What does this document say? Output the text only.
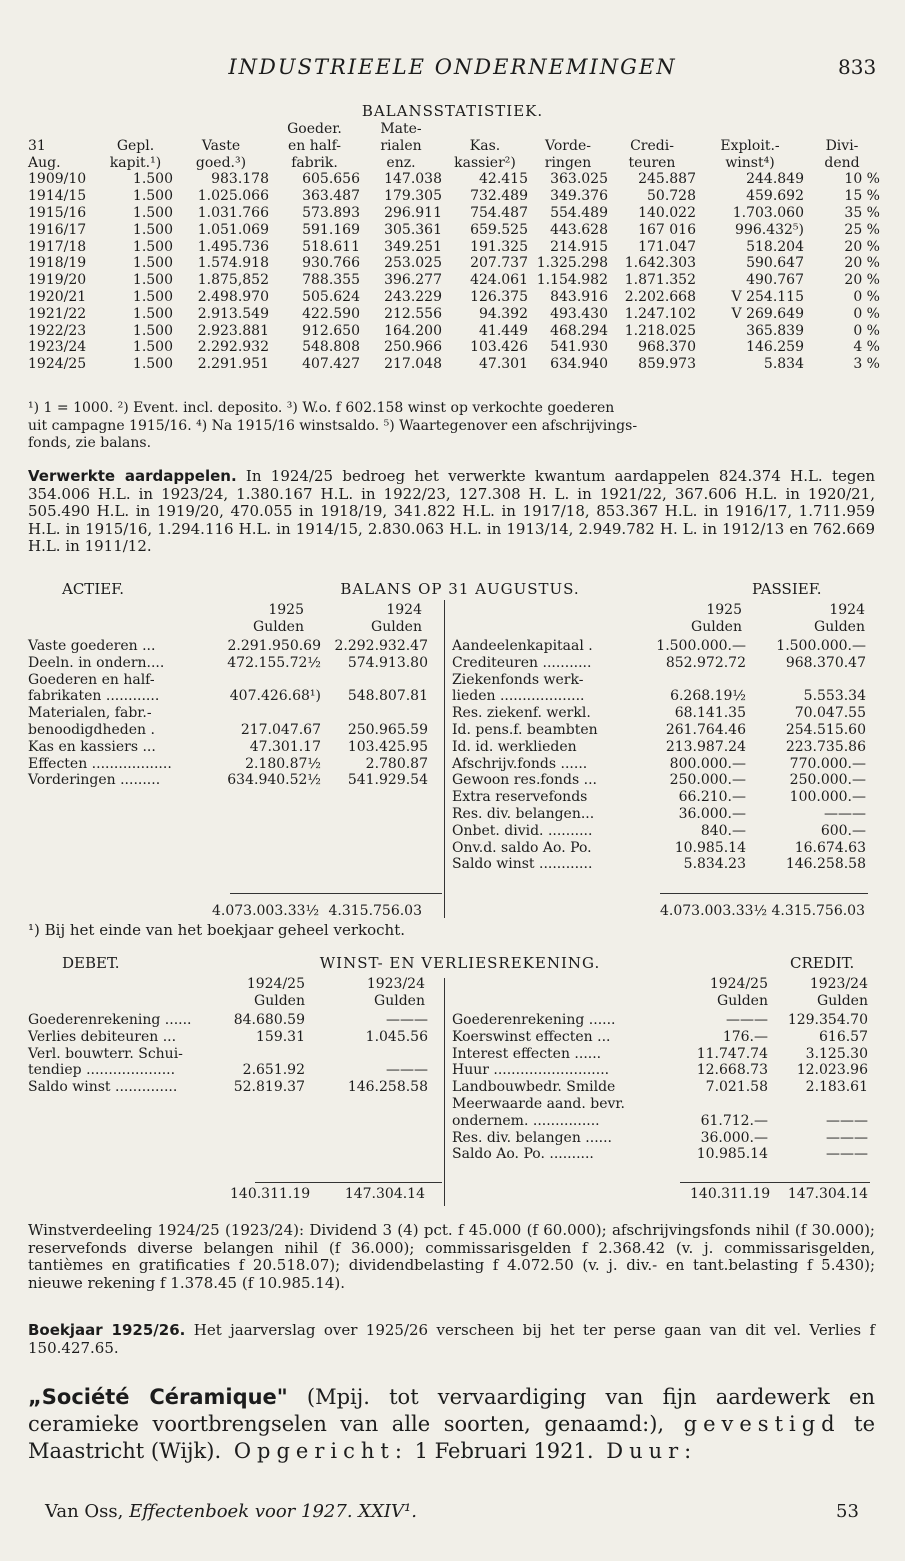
INDUSTRIEELE ONDERNEMINGEN	833
BALANSSTATISTIEK.
			Goeder.	Mate-					
31	Gepl.	Vaste	en half-	rialen	Kas.	Vorde-	Credi-	Exploit.-	Divi-
Aug.	kapit.¹)	goed.³)	fabrik.	enz.	kassier²)	ringen	teuren	winst⁴)	dend
1909/10	1.500	983.178	605.656	147.038	42.415	363.025	245.887	244.849	10 %
1914/15	1.500	1.025.066	363.487	179.305	732.489	349.376	50.728	459.692	15 %
1915/16	1.500	1.031.766	573.893	296.911	754.487	554.489	140.022	1.703.060	35 %
1916/17	1.500	1.051.069	591.169	305.361	659.525	443.628	167 016	996.432⁵)	25 %
1917/18	1.500	1.495.736	518.611	349.251	191.325	214.915	171.047	518.204	20 %
1918/19	1.500	1.574.918	930.766	253.025	207.737	1.325.298	1.642.303	590.647	20 %
1919/20	1.500	1.875,852	788.355	396.277	424.061	1.154.982	1.871.352	490.767	20 %
1920/21	1.500	2.498.970	505.624	243.229	126.375	843.916	2.202.668	V 254.115	0 %
1921/22	1.500	2.913.549	422.590	212.556	94.392	493.430	1.247.102	V 269.649	0 %
1922/23	1.500	2.923.881	912.650	164.200	41.449	468.294	1.218.025	365.839	0 %
1923/24	1.500	2.292.932	548.808	250.966	103.426	541.930	968.370	146.259	4 %
1924/25	1.500	2.291.951	407.427	217.048	47.301	634.940	859.973	5.834	3 %
¹) 1 = 1000. ²) Event. incl. deposito. ³) W.o. f 602.158 winst op verkochte goederen
uit campagne 1915/16. ⁴) Na 1915/16 winstsaldo. ⁵) Waartegenover een afschrijvings-
fonds, zie balans.
Verwerkte aardappelen. In 1924/25 bedroeg het verwerkte kwantum aardappelen 824.374 H.L. tegen 354.006 H.L. in 1923/24, 1.380.167 H.L. in 1922/23, 127.308 H. L. in 1921/22, 367.606 H.L. in 1920/21, 505.490 H.L. in 1919/20, 470.055 in 1918/19, 341.822 H.L. in 1917/18, 853.367 H.L. in 1916/17, 1.711.959 H.L. in 1915/16, 1.294.116 H.L. in 1914/15, 2.830.063 H.L. in 1913/14, 2.949.782 H. L. in 1912/13 en 762.669 H.L. in 1911/12.
ACTIEF.	BALANS OP 31 AUGUSTUS.	PASSIEF.
1925	1924
Gulden	Gulden
1925	1924
Gulden	Gulden
Vaste goederen ...	2.291.950.69	2.292.932.47
Deeln. in ondern....	472.155.72½	574.913.80
Goederen en half-		
fabrikaten ............	407.426.68¹)	548.807.81
Materialen, fabr.-		
benoodigdheden .	217.047.67	250.965.59
Kas en kassiers ...	47.301.17	103.425.95
Effecten ..................	2.180.87½	2.780.87
Vorderingen .........	634.940.52½	541.929.54
Aandeelenkapitaal .	1.500.000.—	1.500.000.—
Crediteuren ...........	852.972.72	968.370.47
Ziekenfonds werk-		
lieden ...................	6.268.19½	5.553.34
Res. ziekenf. werkl.	68.141.35	70.047.55
Id. pens.f. beambten	261.764.46	254.515.60
Id. id. werklieden	213.987.24	223.735.86
Afschrijv.fonds ......	800.000.—	770.000.—
Gewoon res.fonds ...	250.000.—	250.000.—
Extra reservefonds	66.210.—	100.000.—
Res. div. belangen...	36.000.—	———
Onbet. divid. ..........	840.—	600.—
Onv.d. saldo Ao. Po.	10.985.14	16.674.63
Saldo winst ............	5.834.23	146.258.58
4.073.003.33½ 4.315.756.03	4.073.003.33½ 4.315.756.03
¹) Bij het einde van het boekjaar geheel verkocht.
DEBET.	WINST- EN VERLIESREKENING.	CREDIT.
1924/25	1923/24
Gulden	Gulden
1924/25	1923/24
Gulden	Gulden
Goederenrekening ......	84.680.59	———
Verlies debiteuren ...	159.31	1.045.56
Verl. bouwterr. Schui-		
tendiep ....................	2.651.92	———
Saldo winst ..............	52.819.37	146.258.58
Goederenrekening ......	———	129.354.70
Koerswinst effecten ...	176.—	616.57
Interest effecten ......	11.747.74	3.125.30
Huur ..........................	12.668.73	12.023.96
Landbouwbedr. Smilde	7.021.58	2.183.61
Meerwaarde aand. bevr.		
ondernem. ...............	61.712.—	———
Res. div. belangen ......	36.000.—	———
Saldo Ao. Po. ..........	10.985.14	———
140.311.19	147.304.14	140.311.19	147.304.14
Winstverdeeling 1924/25 (1923/24): Dividend 3 (4) pct. f 45.000 (f 60.000); afschrijvingsfonds nihil (f 30.000); reservefonds diverse belangen nihil (f 36.000); commissarisgelden f 2.368.42 (v. j. commissarisgelden, tantièmes en gratificaties f 20.518.07); dividendbelasting f 4.072.50 (v. j. div.- en tant.belasting f 5.430); nieuwe rekening f 1.378.45 (f 10.985.14).
Boekjaar 1925/26. Het jaarverslag over 1925/26 verscheen bij het ter perse gaan van dit vel. Verlies f 150.427.65.
„Société Céramique" (Mpij. tot vervaardiging van fijn aardewerk en ceramieke voortbrengselen van alle soorten, genaamd:), gevestigd te Maastricht (Wijk). Opgericht: 1 Februari 1921. Duur:
Van Oss, Effectenboek voor 1927. XXIV¹.	53
